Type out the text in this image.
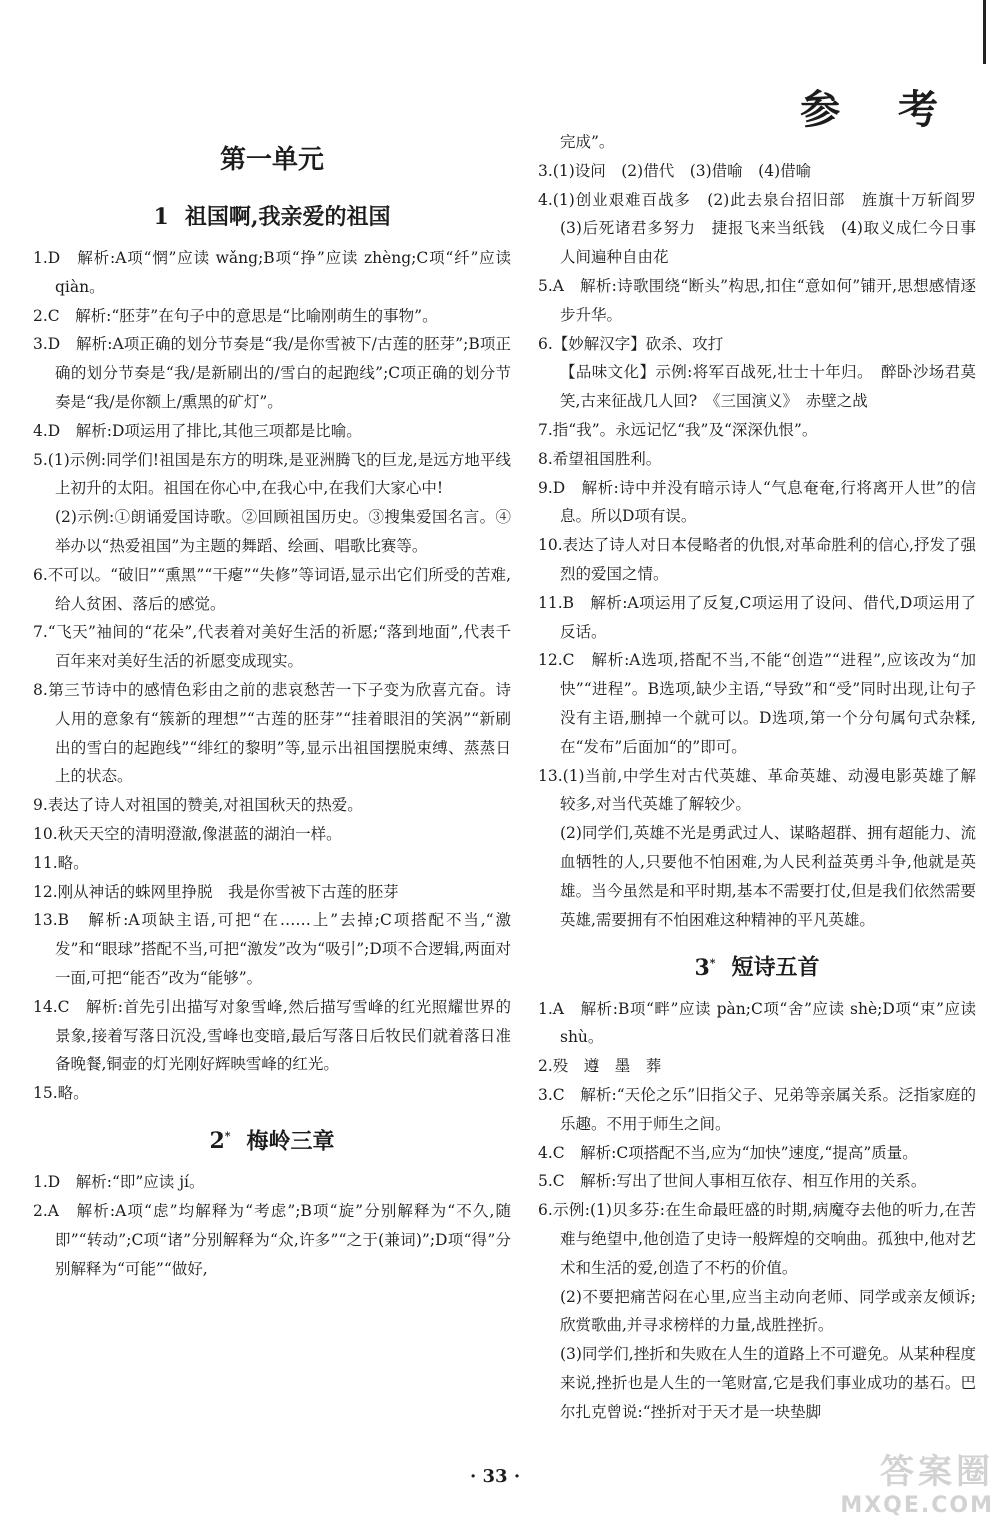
参 考
第一单元
1 祖国啊,我亲爱的祖国

1.D　解析:A项“惘”应读 wǎng;B项“挣”应读 zhèng;C项“纤”应读 qiàn。

2.C　解析:“胚芽”在句子中的意思是“比喻刚萌生的事物”。

3.D　解析:A项正确的划分节奏是“我/是你雪被下/古莲的胚芽”;B项正确的划分节奏是“我/是新刷出的/雪白的起跑线”;C项正确的划分节奏是“我/是你额上/熏黑的矿灯”。

4.D　解析:D项运用了排比,其他三项都是比喻。

5.(1)示例:同学们!祖国是东方的明珠,是亚洲腾飞的巨龙,是远方地平线上初升的太阳。祖国在你心中,在我心中,在我们大家心中!

(2)示例:①朗诵爱国诗歌。②回顾祖国历史。③搜集爱国名言。④举办以“热爱祖国”为主题的舞蹈、绘画、唱歌比赛等。

6.不可以。“破旧”“熏黑”“干瘪”“失修”等词语,显示出它们所受的苦难,给人贫困、落后的感觉。

7.“飞天”袖间的“花朵”,代表着对美好生活的祈愿;“落到地面”,代表千百年来对美好生活的祈愿变成现实。

8.第三节诗中的感情色彩由之前的悲哀愁苦一下子变为欣喜亢奋。诗人用的意象有“簇新的理想”“古莲的胚芽”“挂着眼泪的笑涡”“新刷出的雪白的起跑线”“绯红的黎明”等,显示出祖国摆脱束缚、蒸蒸日上的状态。

9.表达了诗人对祖国的赞美,对祖国秋天的热爱。

10.秋天天空的清明澄澈,像湛蓝的湖泊一样。

11.略。

12.刚从神话的蛛网里挣脱　我是你雪被下古莲的胚芽

13.B　解析:A项缺主语,可把“在……上”去掉;C项搭配不当,“激发”和“眼球”搭配不当,可把“激发”改为“吸引”;D项不合逻辑,两面对一面,可把“能否”改为“能够”。

14.C　解析:首先引出描写对象雪峰,然后描写雪峰的红光照耀世界的景象,接着写落日沉没,雪峰也变暗,最后写落日后牧民们就着落日准备晚餐,铜壶的灯光刚好辉映雪峰的红光。

15.略。

2* 梅岭三章

1.D　解析:“即”应读 jí。

2.A　解析:A项“虑”均解释为“考虑”;B项“旋”分别解释为“不久,随即”“转动”;C项“诸”分别解释为“众,许多”“之于(兼词)”;D项“得”分别解释为“可能”“做好,

完成”。

3.(1)设问　(2)借代　(3)借喻　(4)借喻

4.(1)创业艰难百战多　(2)此去泉台招旧部　旌旗十万斩阎罗　(3)后死诸君多努力　捷报飞来当纸钱　(4)取义成仁今日事　人间遍种自由花

5.A　解析:诗歌围绕“断头”构思,扣住“意如何”铺开,思想感情逐步升华。

6.【妙解汉字】砍杀、攻打

【品味文化】示例:将军百战死,壮士十年归。　醉卧沙场君莫笑,古来征战几人回?　《三国演义》　赤壁之战

7.指“我”。永远记忆“我”及“深深仇恨”。

8.希望祖国胜利。

9.D　解析:诗中并没有暗示诗人“气息奄奄,行将离开人世”的信息。所以D项有误。

10.表达了诗人对日本侵略者的仇恨,对革命胜利的信心,抒发了强烈的爱国之情。

11.B　解析:A项运用了反复,C项运用了设问、借代,D项运用了反话。

12.C　解析:A选项,搭配不当,不能“创造”“进程”,应该改为“加快”“进程”。B选项,缺少主语,“导致”和“受”同时出现,让句子没有主语,删掉一个就可以。D选项,第一个分句属句式杂糅,在“发布”后面加“的”即可。

13.(1)当前,中学生对古代英雄、革命英雄、动漫电影英雄了解较多,对当代英雄了解较少。

(2)同学们,英雄不光是勇武过人、谋略超群、拥有超能力、流血牺牲的人,只要他不怕困难,为人民利益英勇斗争,他就是英雄。当今虽然是和平时期,基本不需要打仗,但是我们依然需要英雄,需要拥有不怕困难这种精神的平凡英雄。

3* 短诗五首

1.A　解析:B项“畔”应读 pàn;C项“舍”应读 shè;D项“束”应读 shù。

2.殁　遵　墨　葬

3.C　解析:“天伦之乐”旧指父子、兄弟等亲属关系。泛指家庭的乐趣。不用于师生之间。

4.C　解析:C项搭配不当,应为“加快”速度,“提高”质量。

5.C　解析:写出了世间人事相互依存、相互作用的关系。

6.示例:(1)贝多芬:在生命最旺盛的时期,病魔夺去他的听力,在苦难与绝望中,他创造了史诗一般辉煌的交响曲。孤独中,他对艺术和生活的爱,创造了不朽的价值。

(2)不要把痛苦闷在心里,应当主动向老师、同学或亲友倾诉;欣赏歌曲,并寻求榜样的力量,战胜挫折。

(3)同学们,挫折和失败在人生的道路上不可避免。从某种程度来说,挫折也是人生的一笔财富,它是我们事业成功的基石。巴尔扎克曾说:“挫折对于天才是一块垫脚

· 33 ·	答案圈
MXQE.COM
